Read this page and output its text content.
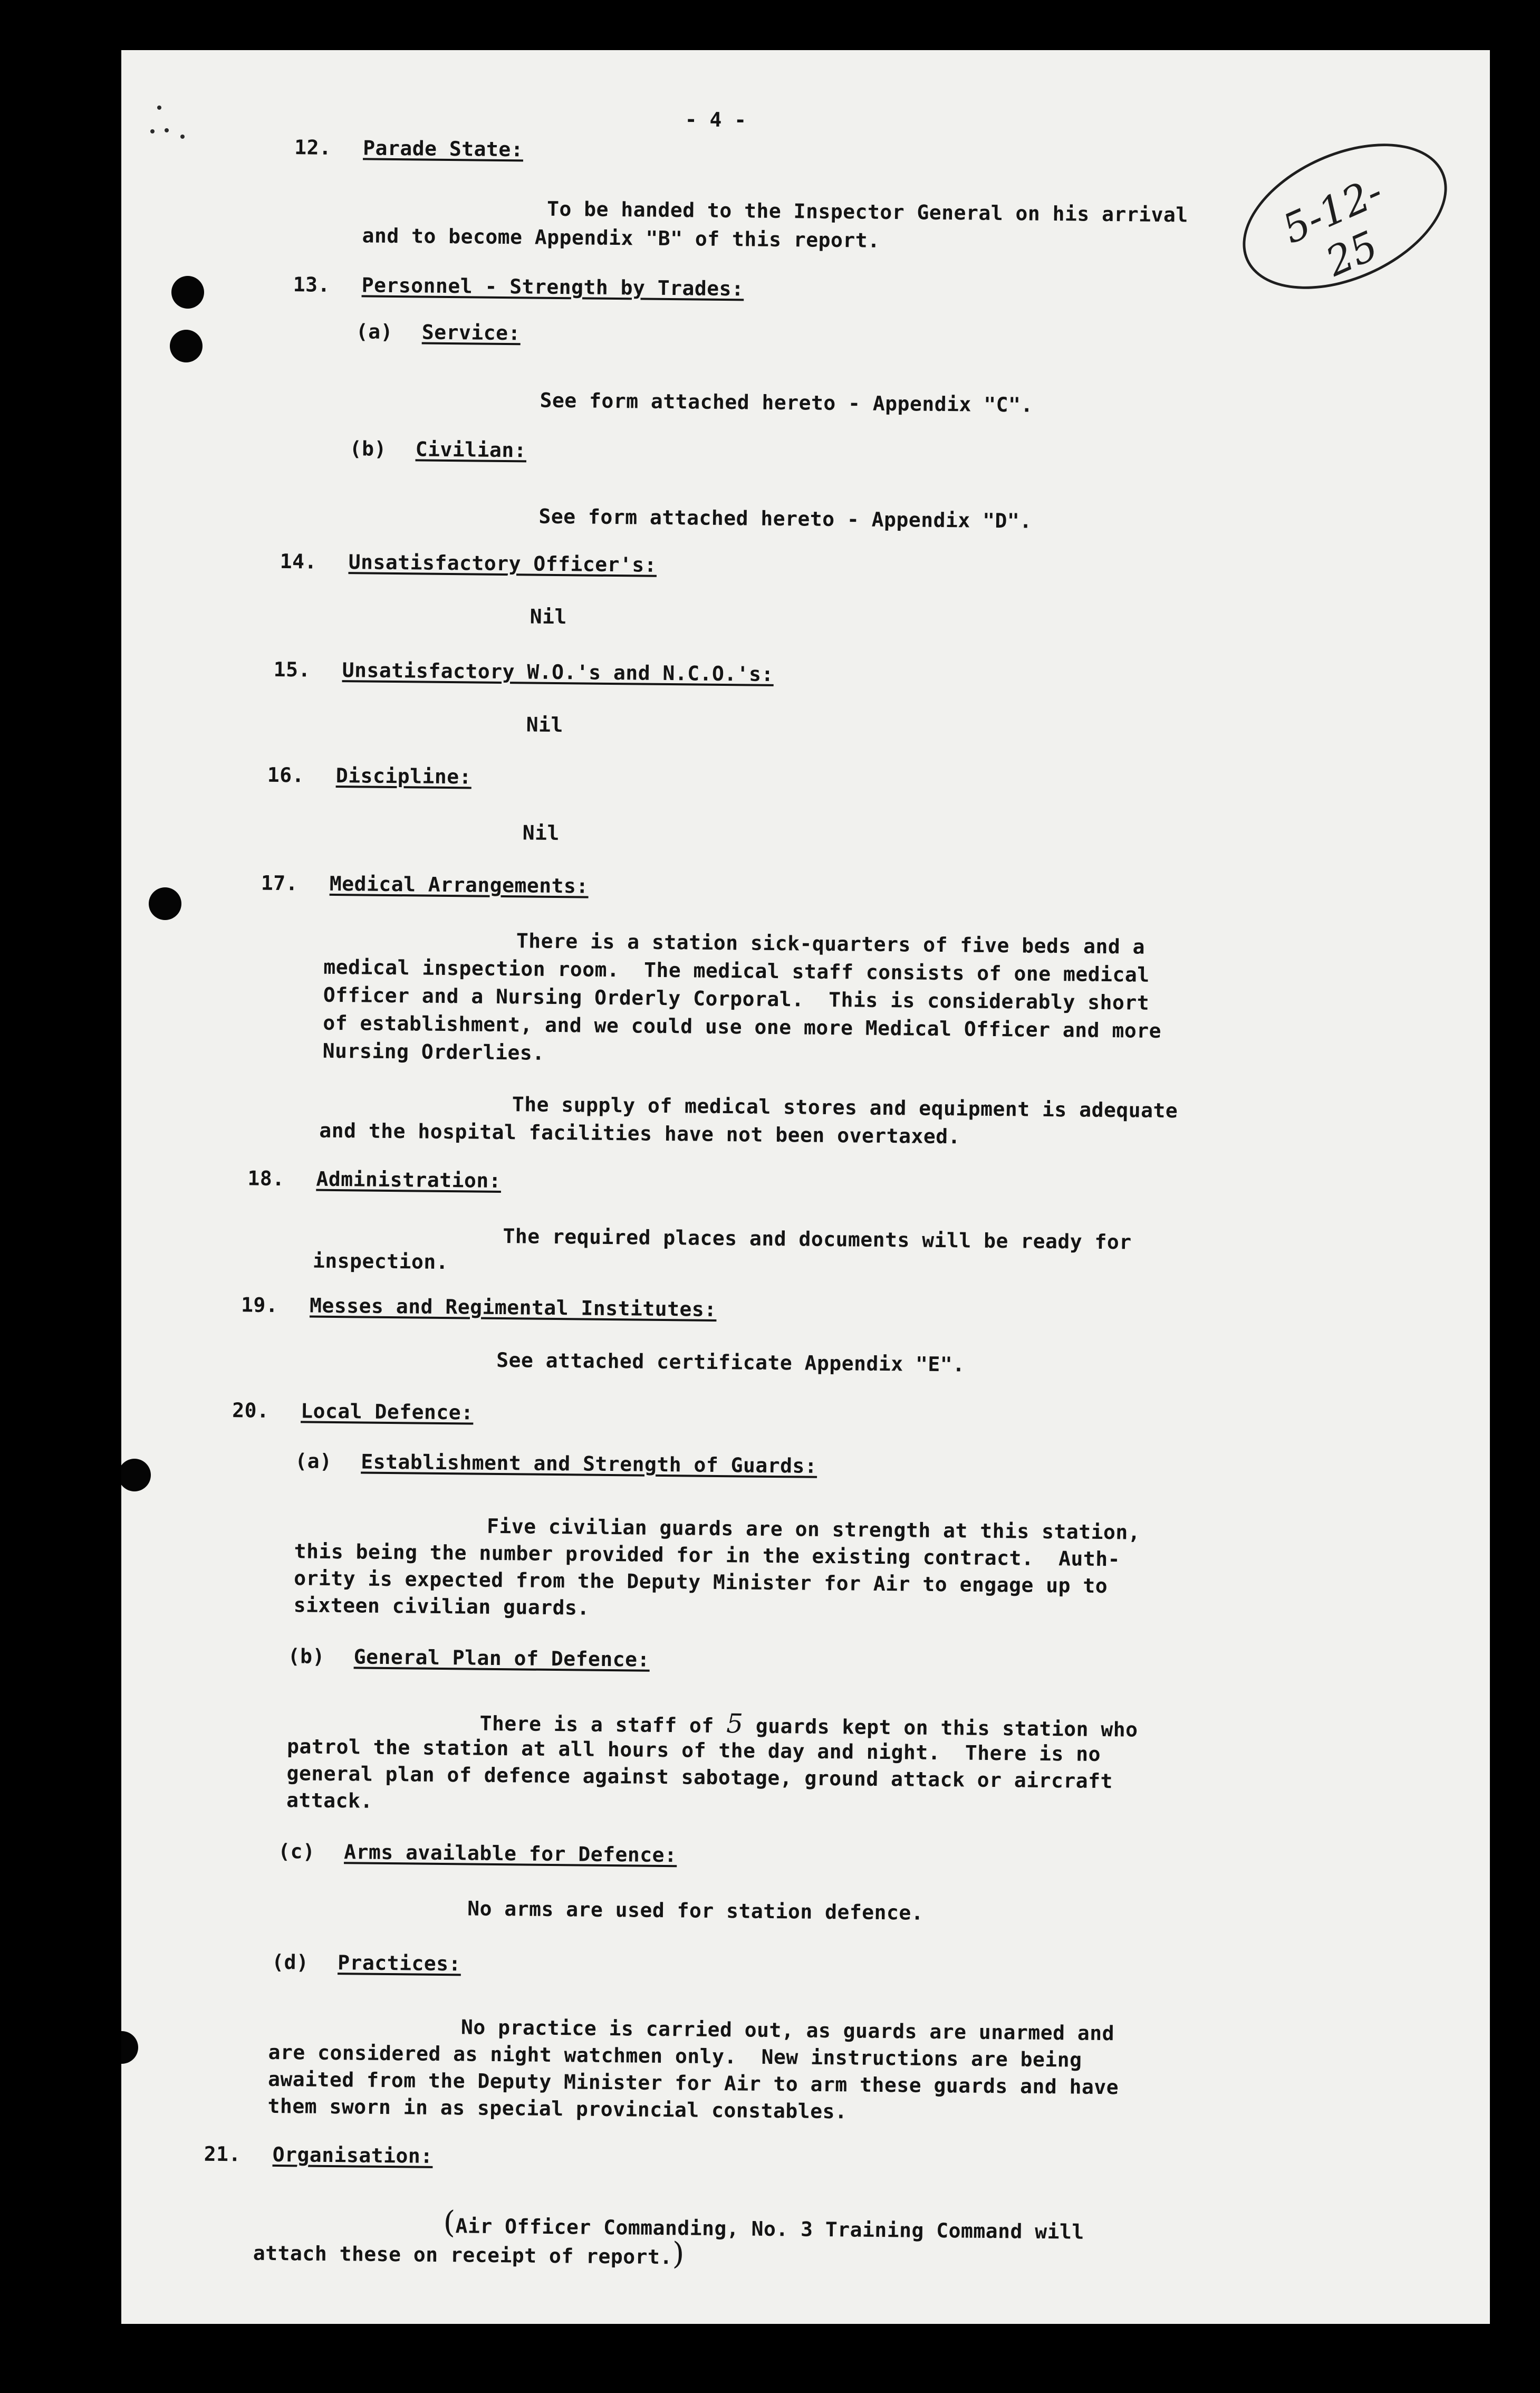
5-12-25
- 4 -
12. Parade State:
To be handed to the Inspector General on his arrival
and to become Appendix "B" of this report.
13. Personnel - Strength by Trades:
(a) Service:
See form attached hereto - Appendix "C".
(b) Civilian:
See form attached hereto - Appendix "D".
14. Unsatisfactory Officer's:
Nil
15. Unsatisfactory W.O.'s and N.C.O.'s:
Nil
16. Discipline:
Nil
17. Medical Arrangements:
There is a station sick-quarters of five beds and a
medical inspection room.  The medical staff consists of one medical
Officer and a Nursing Orderly Corporal.  This is considerably short
of establishment, and we could use one more Medical Officer and more
Nursing Orderlies.
The supply of medical stores and equipment is adequate
and the hospital facilities have not been overtaxed.
18. Administration:
The required places and documents will be ready for
inspection.
19. Messes and Regimental Institutes:
See attached certificate Appendix "E".
20. Local Defence:
(a) Establishment and Strength of Guards:
Five civilian guards are on strength at this station,
this being the number provided for in the existing contract.  Auth-
ority is expected from the Deputy Minister for Air to engage up to
sixteen civilian guards.
(b) General Plan of Defence:
There is a staff of 5 guards kept on this station who
patrol the station at all hours of the day and night.  There is no
general plan of defence against sabotage, ground attack or aircraft
attack.
(c) Arms available for Defence:
No arms are used for station defence.
(d) Practices:
No practice is carried out, as guards are unarmed and
are considered as night watchmen only.  New instructions are being
awaited from the Deputy Minister for Air to arm these guards and have
them sworn in as special provincial constables.
21. Organisation:
(Air Officer Commanding, No. 3 Training Command will
attach these on receipt of report.)
